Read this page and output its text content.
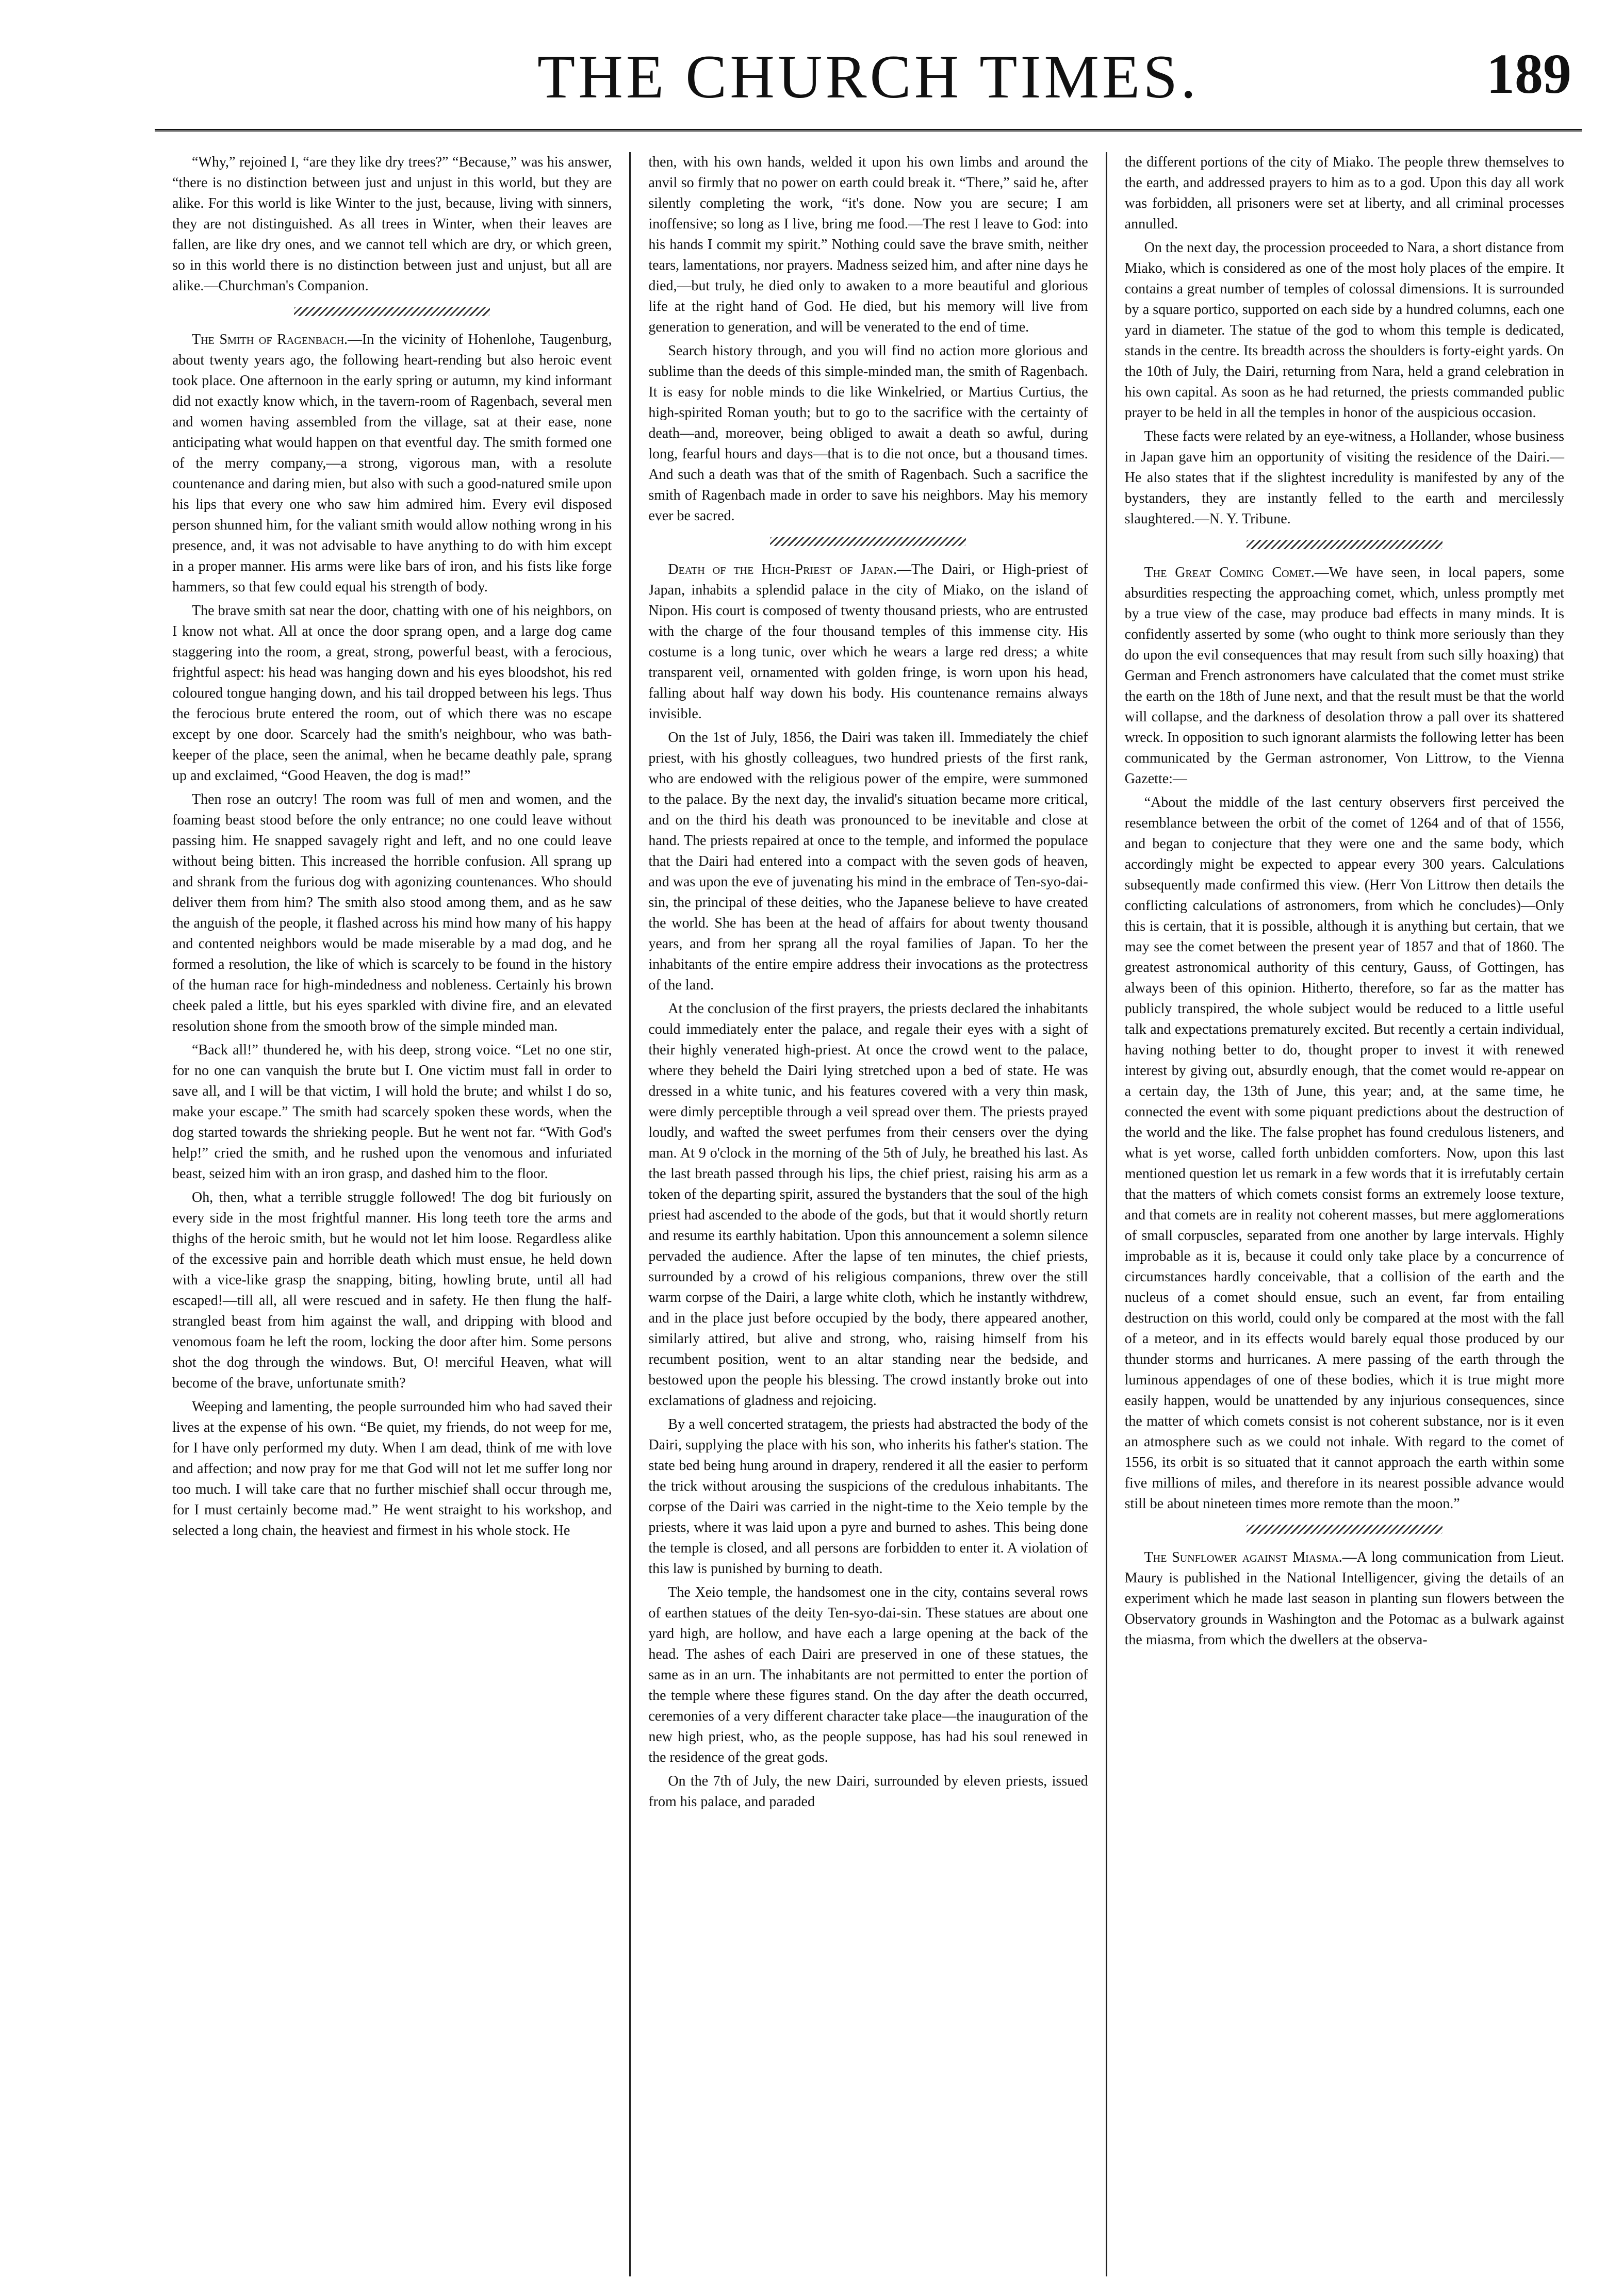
THE CHURCH TIMES.	189

“Why,” rejoined I, “are they like dry trees?” “Because,” was his answer, “there is no distinction between just and unjust in this world, but they are alike. For this world is like Winter to the just, because, living with sinners, they are not distinguished. As all trees in Winter, when their leaves are fallen, are like dry ones, and we cannot tell which are dry, or which green, so in this world there is no distinction between just and unjust, but all are alike.—Churchman's Companion.

The Smith of Ragenbach.—In the vicinity of Hohenlohe, Taugenburg, about twenty years ago, the following heart-rending but also heroic event took place. One afternoon in the early spring or autumn, my kind informant did not exactly know which, in the tavern-room of Ragenbach, several men and women having assembled from the village, sat at their ease, none anticipating what would happen on that eventful day. The smith formed one of the merry company,—a strong, vigorous man, with a resolute countenance and daring mien, but also with such a good-natured smile upon his lips that every one who saw him admired him. Every evil disposed person shunned him, for the valiant smith would allow nothing wrong in his presence, and, it was not advisable to have anything to do with him except in a proper manner. His arms were like bars of iron, and his fists like forge hammers, so that few could equal his strength of body.

The brave smith sat near the door, chatting with one of his neighbors, on I know not what. All at once the door sprang open, and a large dog came staggering into the room, a great, strong, powerful beast, with a ferocious, frightful aspect: his head was hanging down and his eyes bloodshot, his red coloured tongue hanging down, and his tail dropped between his legs. Thus the ferocious brute entered the room, out of which there was no escape except by one door. Scarcely had the smith's neighbour, who was bath-keeper of the place, seen the animal, when he became deathly pale, sprang up and exclaimed, “Good Heaven, the dog is mad!”

Then rose an outcry! The room was full of men and women, and the foaming beast stood before the only entrance; no one could leave without passing him. He snapped savagely right and left, and no one could leave without being bitten. This increased the horrible confusion. All sprang up and shrank from the furious dog with agonizing countenances. Who should deliver them from him? The smith also stood among them, and as he saw the anguish of the people, it flashed across his mind how many of his happy and contented neighbors would be made miserable by a mad dog, and he formed a resolution, the like of which is scarcely to be found in the history of the human race for high-mindedness and nobleness. Certainly his brown cheek paled a little, but his eyes sparkled with divine fire, and an elevated resolution shone from the smooth brow of the simple minded man.

“Back all!” thundered he, with his deep, strong voice. “Let no one stir, for no one can vanquish the brute but I. One victim must fall in order to save all, and I will be that victim, I will hold the brute; and whilst I do so, make your escape.” The smith had scarcely spoken these words, when the dog started towards the shrieking people. But he went not far. “With God's help!” cried the smith, and he rushed upon the venomous and infuriated beast, seized him with an iron grasp, and dashed him to the floor.

Oh, then, what a terrible struggle followed! The dog bit furiously on every side in the most frightful manner. His long teeth tore the arms and thighs of the heroic smith, but he would not let him loose. Regardless alike of the excessive pain and horrible death which must ensue, he held down with a vice-like grasp the snapping, biting, howling brute, until all had escaped!—till all, all were rescued and in safety. He then flung the half-strangled beast from him against the wall, and dripping with blood and venomous foam he left the room, locking the door after him. Some persons shot the dog through the windows. But, O! merciful Heaven, what will become of the brave, unfortunate smith?

Weeping and lamenting, the people surrounded him who had saved their lives at the expense of his own. “Be quiet, my friends, do not weep for me, for I have only performed my duty. When I am dead, think of me with love and affection; and now pray for me that God will not let me suffer long nor too much. I will take care that no further mischief shall occur through me, for I must certainly become mad.” He went straight to his workshop, and selected a long chain, the heaviest and firmest in his whole stock. He

then, with his own hands, welded it upon his own limbs and around the anvil so firmly that no power on earth could break it. “There,” said he, after silently completing the work, “it's done. Now you are secure; I am inoffensive; so long as I live, bring me food.—The rest I leave to God: into his hands I commit my spirit.” Nothing could save the brave smith, neither tears, lamentations, nor prayers. Madness seized him, and after nine days he died,—but truly, he died only to awaken to a more beautiful and glorious life at the right hand of God. He died, but his memory will live from generation to generation, and will be venerated to the end of time.

Search history through, and you will find no action more glorious and sublime than the deeds of this simple-minded man, the smith of Ragenbach. It is easy for noble minds to die like Winkelried, or Martius Curtius, the high-spirited Roman youth; but to go to the sacrifice with the certainty of death—and, moreover, being obliged to await a death so awful, during long, fearful hours and days—that is to die not once, but a thousand times. And such a death was that of the smith of Ragenbach. Such a sacrifice the smith of Ragenbach made in order to save his neighbors. May his memory ever be sacred.

Death of the High-Priest of Japan.—The Dairi, or High-priest of Japan, inhabits a splendid palace in the city of Miako, on the island of Nipon. His court is composed of twenty thousand priests, who are entrusted with the charge of the four thousand temples of this immense city. His costume is a long tunic, over which he wears a large red dress; a white transparent veil, ornamented with golden fringe, is worn upon his head, falling about half way down his body. His countenance remains always invisible.

On the 1st of July, 1856, the Dairi was taken ill. Immediately the chief priest, with his ghostly colleagues, two hundred priests of the first rank, who are endowed with the religious power of the empire, were summoned to the palace. By the next day, the invalid's situation became more critical, and on the third his death was pronounced to be inevitable and close at hand. The priests repaired at once to the temple, and informed the populace that the Dairi had entered into a compact with the seven gods of heaven, and was upon the eve of juvenating his mind in the embrace of Ten-syo-dai-sin, the principal of these deities, who the Japanese believe to have created the world. She has been at the head of affairs for about twenty thousand years, and from her sprang all the royal families of Japan. To her the inhabitants of the entire empire address their invocations as the protectress of the land.

At the conclusion of the first prayers, the priests declared the inhabitants could immediately enter the palace, and regale their eyes with a sight of their highly venerated high-priest. At once the crowd went to the palace, where they beheld the Dairi lying stretched upon a bed of state. He was dressed in a white tunic, and his features covered with a very thin mask, were dimly perceptible through a veil spread over them. The priests prayed loudly, and wafted the sweet perfumes from their censers over the dying man. At 9 o'clock in the morning of the 5th of July, he breathed his last. As the last breath passed through his lips, the chief priest, raising his arm as a token of the departing spirit, assured the bystanders that the soul of the high priest had ascended to the abode of the gods, but that it would shortly return and resume its earthly habitation. Upon this announcement a solemn silence pervaded the audience. After the lapse of ten minutes, the chief priests, surrounded by a crowd of his religious companions, threw over the still warm corpse of the Dairi, a large white cloth, which he instantly withdrew, and in the place just before occupied by the body, there appeared another, similarly attired, but alive and strong, who, raising himself from his recumbent position, went to an altar standing near the bedside, and bestowed upon the people his blessing. The crowd instantly broke out into exclamations of gladness and rejoicing.

By a well concerted stratagem, the priests had abstracted the body of the Dairi, supplying the place with his son, who inherits his father's station. The state bed being hung around in drapery, rendered it all the easier to perform the trick without arousing the suspicions of the credulous inhabitants. The corpse of the Dairi was carried in the night-time to the Xeio temple by the priests, where it was laid upon a pyre and burned to ashes. This being done the temple is closed, and all persons are forbidden to enter it. A violation of this law is punished by burning to death.

The Xeio temple, the handsomest one in the city, contains several rows of earthen statues of the deity Ten-syo-dai-sin. These statues are about one yard high, are hollow, and have each a large opening at the back of the head. The ashes of each Dairi are preserved in one of these statues, the same as in an urn. The inhabitants are not permitted to enter the portion of the temple where these figures stand. On the day after the death occurred, ceremonies of a very different character take place—the inauguration of the new high priest, who, as the people suppose, has had his soul renewed in the residence of the great gods.

On the 7th of July, the new Dairi, surrounded by eleven priests, issued from his palace, and paraded

the different portions of the city of Miako. The people threw themselves to the earth, and addressed prayers to him as to a god. Upon this day all work was forbidden, all prisoners were set at liberty, and all criminal processes annulled.

On the next day, the procession proceeded to Nara, a short distance from Miako, which is considered as one of the most holy places of the empire. It contains a great number of temples of colossal dimensions. It is surrounded by a square portico, supported on each side by a hundred columns, each one yard in diameter. The statue of the god to whom this temple is dedicated, stands in the centre. Its breadth across the shoulders is forty-eight yards. On the 10th of July, the Dairi, returning from Nara, held a grand celebration in his own capital. As soon as he had returned, the priests commanded public prayer to be held in all the temples in honor of the auspicious occasion.

These facts were related by an eye-witness, a Hollander, whose business in Japan gave him an opportunity of visiting the residence of the Dairi.—He also states that if the slightest incredulity is manifested by any of the bystanders, they are instantly felled to the earth and mercilessly slaughtered.—N. Y. Tribune.

The Great Coming Comet.—We have seen, in local papers, some absurdities respecting the approaching comet, which, unless promptly met by a true view of the case, may produce bad effects in many minds. It is confidently asserted by some (who ought to think more seriously than they do upon the evil consequences that may result from such silly hoaxing) that German and French astronomers have calculated that the comet must strike the earth on the 18th of June next, and that the result must be that the world will collapse, and the darkness of desolation throw a pall over its shattered wreck. In opposition to such ignorant alarmists the following letter has been communicated by the German astronomer, Von Littrow, to the Vienna Gazette:—

“About the middle of the last century observers first perceived the resemblance between the orbit of the comet of 1264 and of that of 1556, and began to conjecture that they were one and the same body, which accordingly might be expected to appear every 300 years. Calculations subsequently made confirmed this view. (Herr Von Littrow then details the conflicting calculations of astronomers, from which he concludes)—Only this is certain, that it is possible, although it is anything but certain, that we may see the comet between the present year of 1857 and that of 1860. The greatest astronomical authority of this century, Gauss, of Gottingen, has always been of this opinion. Hitherto, therefore, so far as the matter has publicly transpired, the whole subject would be reduced to a little useful talk and expectations prematurely excited. But recently a certain individual, having nothing better to do, thought proper to invest it with renewed interest by giving out, absurdly enough, that the comet would re-appear on a certain day, the 13th of June, this year; and, at the same time, he connected the event with some piquant predictions about the destruction of the world and the like. The false prophet has found credulous listeners, and what is yet worse, called forth unbidden comforters. Now, upon this last mentioned question let us remark in a few words that it is irrefutably certain that the matters of which comets consist forms an extremely loose texture, and that comets are in reality not coherent masses, but mere agglomerations of small corpuscles, separated from one another by large intervals. Highly improbable as it is, because it could only take place by a concurrence of circumstances hardly conceivable, that a collision of the earth and the nucleus of a comet should ensue, such an event, far from entailing destruction on this world, could only be compared at the most with the fall of a meteor, and in its effects would barely equal those produced by our thunder storms and hurricanes. A mere passing of the earth through the luminous appendages of one of these bodies, which it is true might more easily happen, would be unattended by any injurious consequences, since the matter of which comets consist is not coherent substance, nor is it even an atmosphere such as we could not inhale. With regard to the comet of 1556, its orbit is so situated that it cannot approach the earth within some five millions of miles, and therefore in its nearest possible advance would still be about nineteen times more remote than the moon.”

The Sunflower against Miasma.—A long communication from Lieut. Maury is published in the National Intelligencer, giving the details of an experiment which he made last season in planting sun flowers between the Observatory grounds in Washington and the Potomac as a bulwark against the miasma, from which the dwellers at the observa-
